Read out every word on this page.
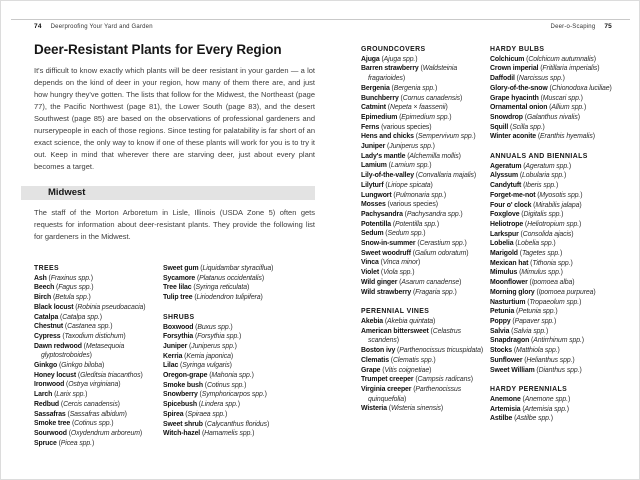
74 Deerproofing Your Yard and Garden	Deer-o-Scaping 75
Deer-Resistant Plants for Every Region

It's difficult to know exactly which plants will be deer resistant in your garden — a lot depends on the kind of deer in your region, how many of them there are, and just how hungry they've gotten. The lists that follow for the Midwest, the Northeast (page 77), the Pacific Northwest (page 81), the Lower South (page 83), and the desert Southwest (page 85) are based on the observations of professional gardeners and nurserypeople in each of those regions. Since testing for palatability is far short of an exact science, the only way to know if one of these plants will work for you is to try it out. Keep in mind that wherever there are starving deer, just about every plant becomes a target.

Midwest

The staff of the Morton Arboretum in Lisle, Illinois (USDA Zone 5) often gets requests for information about deer-resistant plants. They provide the following list for gardeners in the Midwest.

TREES
Ash (Fraxinus spp.)
Beech (Fagus spp.)
Birch (Betula spp.)
Black locust (Robinia pseudoacacia)
Catalpa (Catalpa spp.)
Chestnut (Castanea spp.)
Cypress (Taxodium distichum)
Dawn redwood (Metasequoia glyptostroboides)
Ginkgo (Ginkgo biloba)
Honey locust (Gleditsia triacanthos)
Ironwood (Ostrya virginiana)
Larch (Larix spp.)
Redbud (Cercis canadensis)
Sassafras (Sassafras albidum)
Smoke tree (Cotinus spp.)
Sourwood (Oxydendrum arboreum)
Spruce (Picea spp.)
Sweet gum (Liquidambar styraciflua)
Sycamore (Platanus occidentalis)
Tree lilac (Syringa reticulata)
Tulip tree (Liriodendron tulipifera)
SHRUBS
Boxwood (Buxus spp.)
Forsythia (Forsythia spp.)
Juniper (Juniperus spp.)
Kerria (Kerria japonica)
Lilac (Syringa vulgaris)
Oregon-grape (Mahonia spp.)
Smoke bush (Cotinus spp.)
Snowberry (Symphoricarpos spp.)
Spicebush (Lindera spp.)
Spirea (Spiraea spp.)
Sweet shrub (Calycanthus floridus)
Witch-hazel (Hamamelis spp.)
GROUNDCOVERS
Ajuga (Ajuga spp.)
Barren strawberry (Waldsteinia fragarioides)
Bergenia (Bergenia spp.)
Bunchberry (Cornus canadensis)
Catmint (Nepeta × faassenii)
Epimedium (Epimedium spp.)
Ferns (various species)
Hens and chicks (Sempervivum spp.)
Juniper (Juniperus spp.)
Lady's mantle (Alchemilla mollis)
Lamium (Lamium spp.)
Lily-of-the-valley (Convallaria majalis)
Lilyturf (Liriope spicata)
Lungwort (Pulmonaria spp.)
Mosses (various species)
Pachysandra (Pachysandra spp.)
Potentilla (Potentilla spp.)
Sedum (Sedum spp.)
Snow-in-summer (Cerastium spp.)
Sweet woodruff (Galium odoratum)
Vinca (Vinca minor)
Violet (Viola spp.)
Wild ginger (Asarum canadense)
Wild strawberry (Fragaria spp.)
PERENNIAL VINES
Akebia (Akebia quintata)
American bittersweet (Celastrus scandens)
Boston ivy (Parthenocissus tricuspidata)
Clematis (Clematis spp.)
Grape (Vitis coignetiae)
Trumpet creeper (Campsis radicans)
Virginia creeper (Parthenocissus quinquefolia)
Wisteria (Wisteria sinensis)
HARDY BULBS
Colchicum (Colchicum autumnalis)
Crown imperial (Fritillaria imperialis)
Daffodil (Narcissus spp.)
Glory-of-the-snow (Chionodoxa luciliae)
Grape hyacinth (Muscari spp.)
Ornamental onion (Allium spp.)
Snowdrop (Galanthus nivalis)
Squill (Scilla spp.)
Winter aconite (Eranthis hyemalis)
ANNUALS AND BIENNIALS
Ageratum (Ageratum spp.)
Alyssum (Lobularia spp.)
Candytuft (Iberis spp.)
Forget-me-not (Myosotis spp.)
Four o' clock (Mirabilis jalapa)
Foxglove (Digitalis spp.)
Heliotrope (Heliotropium spp.)
Larkspur (Consolida ajacis)
Lobelia (Lobelia spp.)
Marigold (Tagetes spp.)
Mexican hat (Tithonia spp.)
Mimulus (Mimulus spp.)
Moonflower (Ipomoea alba)
Morning glory (Ipomoea purpurea)
Nasturtium (Tropaeolum spp.)
Petunia (Petunia spp.)
Poppy (Papaver spp.)
Salvia (Salvia spp.)
Snapdragon (Antirrhinum spp.)
Stocks (Matthiola spp.)
Sunflower (Helianthus spp.)
Sweet William (Dianthus spp.)
HARDY PERENNIALS
Anemone (Anemone spp.)
Artemisia (Artemisia spp.)
Astilbe (Astilbe spp.)
